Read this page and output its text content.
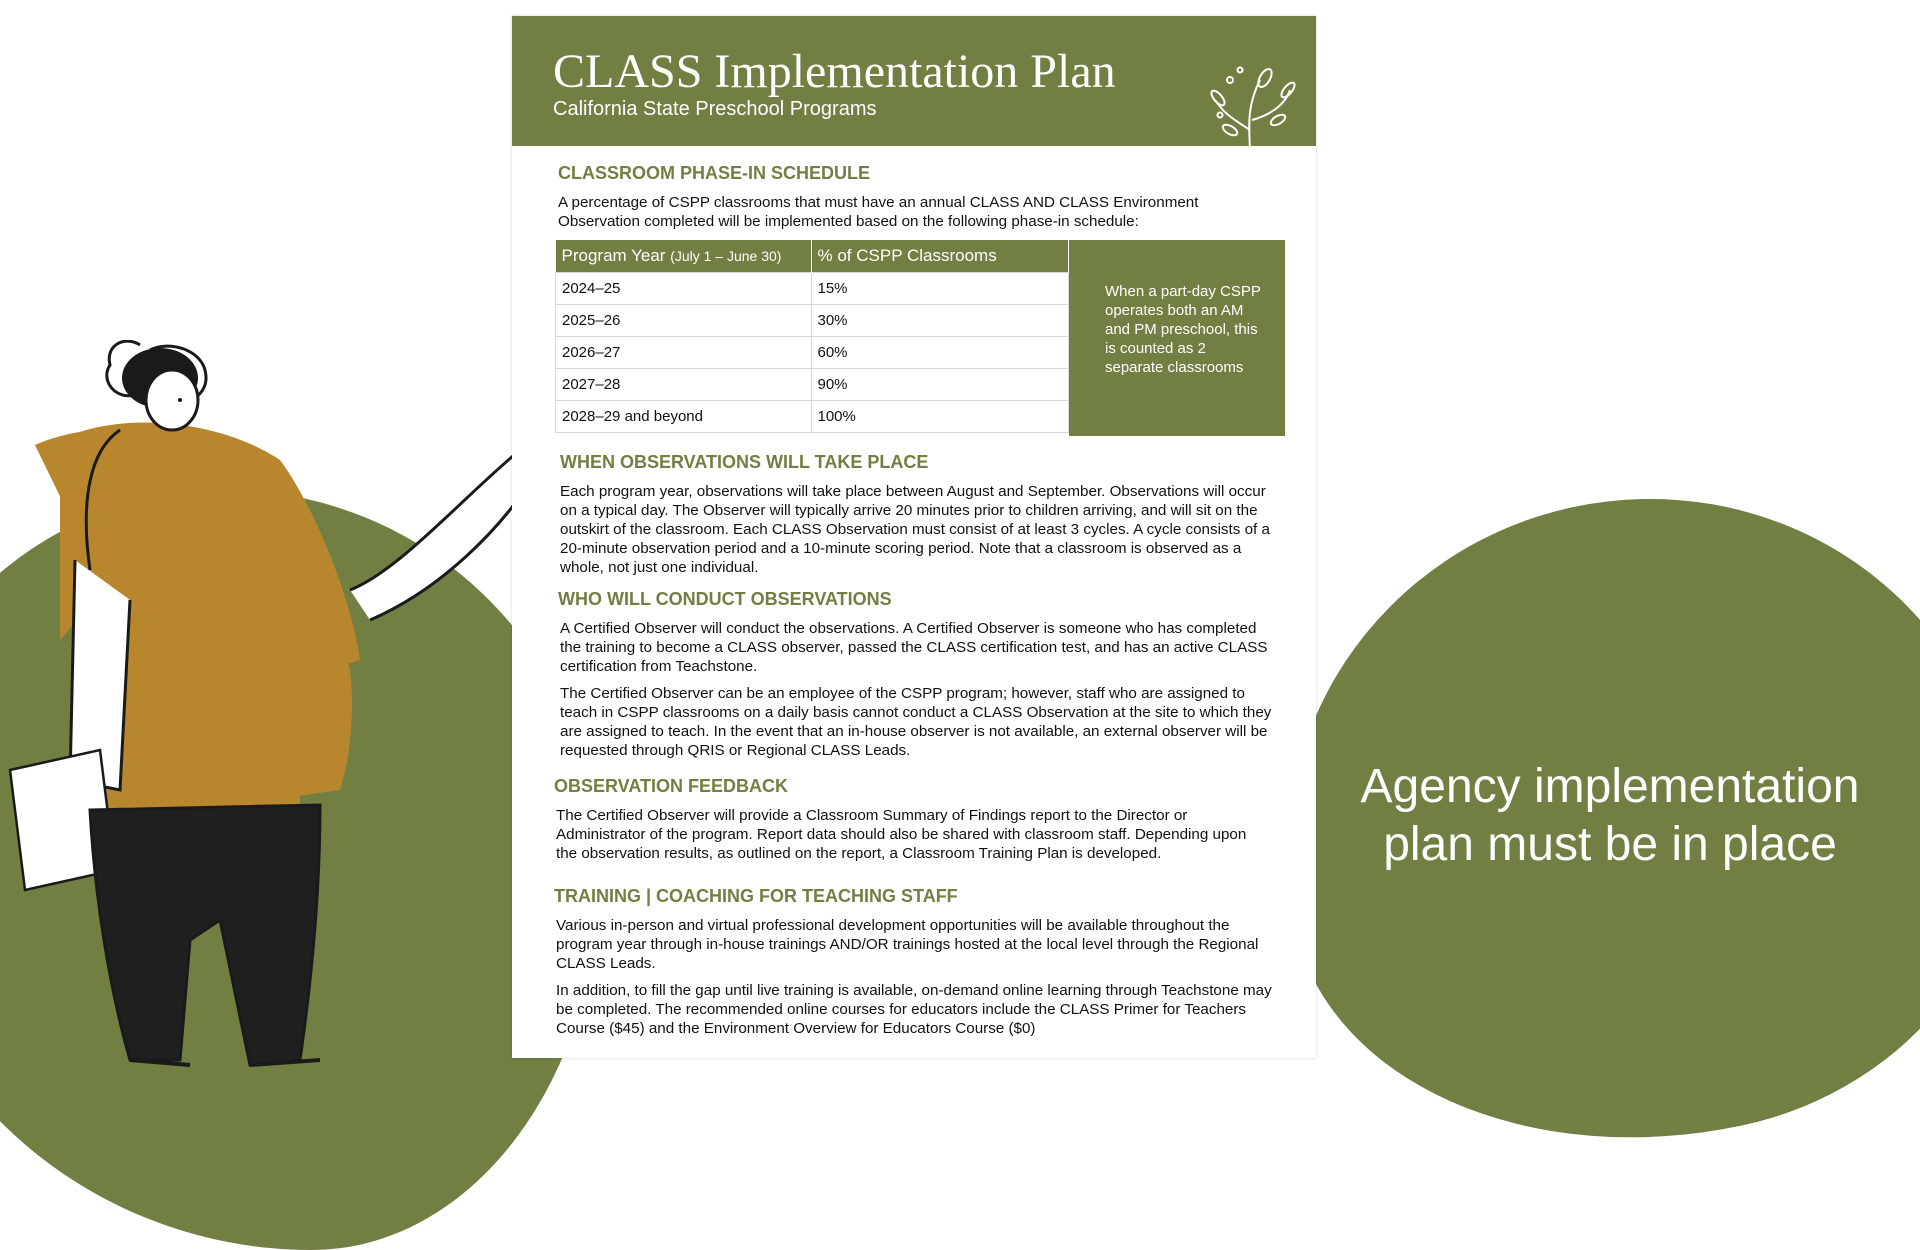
Agency implementation
plan must be in place
CLASS Implementation Plan
California State Preschool Programs
CLASSROOM PHASE-IN SCHEDULE
A percentage of CSPP classrooms that must have an annual CLASS AND CLASS Environment Observation completed will be implemented based on the following phase-in schedule:
Program Year (July 1 – June 30)	% of CSPP Classrooms
2024–25	15%
2025–26	30%
2026–27	60%
2027–28	90%
2028–29 and beyond	100%
When a part-day CSPP operates both an AM and PM preschool, this is counted as 2 separate classrooms
WHEN OBSERVATIONS WILL TAKE PLACE
Each program year, observations will take place between August and September. Observations will occur on a typical day. The Observer will typically arrive 20 minutes prior to children arriving, and will sit on the outskirt of the classroom. Each CLASS Observation must consist of at least 3 cycles. A cycle consists of a 20-minute observation period and a 10-minute scoring period. Note that a classroom is observed as a whole, not just one individual.
WHO WILL CONDUCT OBSERVATIONS
A Certified Observer will conduct the observations. A Certified Observer is someone who has completed the training to become a CLASS observer, passed the CLASS certification test, and has an active CLASS certification from Teachstone.
The Certified Observer can be an employee of the CSPP program; however, staff who are assigned to teach in CSPP classrooms on a daily basis cannot conduct a CLASS Observation at the site to which they are assigned to teach. In the event that an in-house observer is not available, an external observer will be requested through QRIS or Regional CLASS Leads.
OBSERVATION FEEDBACK
The Certified Observer will provide a Classroom Summary of Findings report to the Director or Administrator of the program. Report data should also be shared with classroom staff. Depending upon the observation results, as outlined on the report, a Classroom Training Plan is developed.
TRAINING | COACHING FOR TEACHING STAFF
Various in-person and virtual professional development opportunities will be available throughout the program year through in-house trainings AND/OR trainings hosted at the local level through the Regional CLASS Leads.
In addition, to fill the gap until live training is available, on-demand online learning through Teachstone may be completed. The recommended online courses for educators include the CLASS Primer for Teachers Course ($45) and the Environment Overview for Educators Course ($0)
